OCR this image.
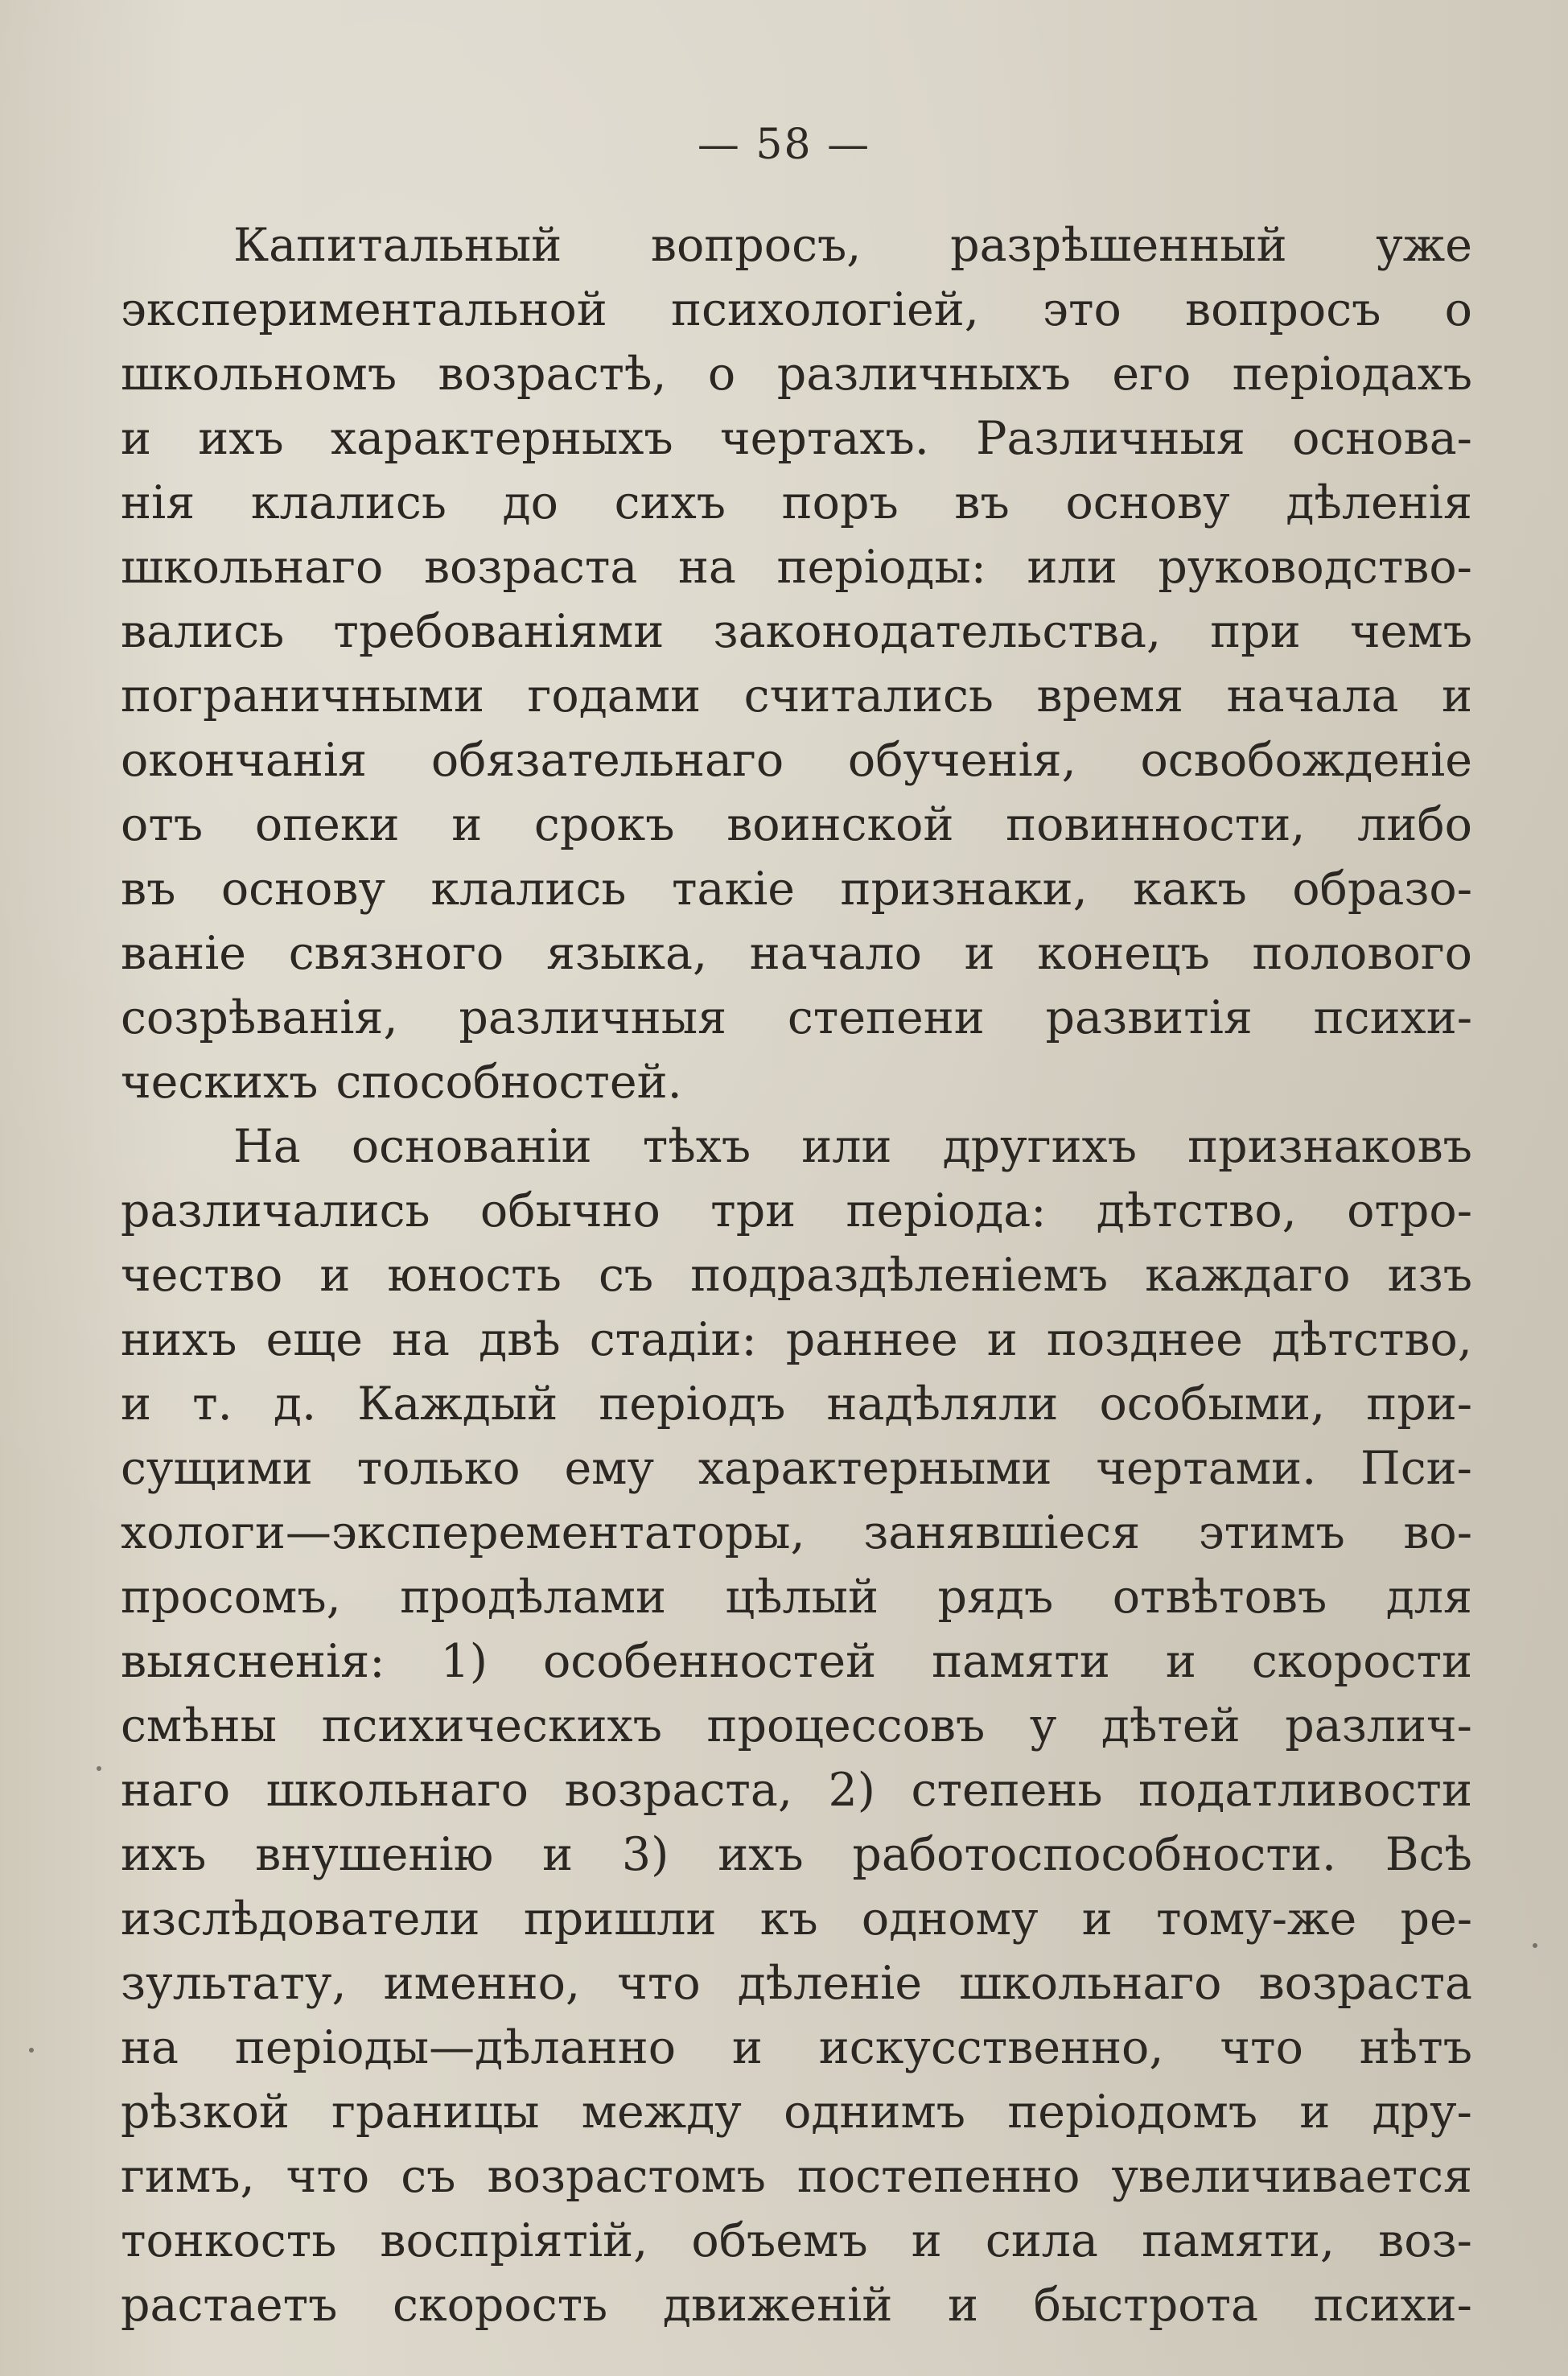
— 58 —
Капитальный вопросъ, разрѣшенный уже
экспериментальной психологіей, это вопросъ о
школьномъ возрастѣ, о различныхъ его періодахъ
и ихъ характерныхъ чертахъ. Различныя основа-
нія клались до сихъ поръ въ основу дѣленія
школьнаго возраста на періоды: или руководство-
вались требованіями законодательства, при чемъ
пограничными годами считались время начала и
окончанія обязательнаго обученія, освобожденіе
отъ опеки и срокъ воинской повинности, либо
въ основу клались такіе признаки, какъ образо-
ваніе связного языка, начало и конецъ полового
созрѣванія, различныя степени развитія психи-
ческихъ способностей.
На основаніи тѣхъ или другихъ признаковъ
различались обычно три періода: дѣтство, отро-
чество и юность съ подраздѣленіемъ каждаго изъ
нихъ еще на двѣ стадіи: раннее и позднее дѣтство,
и т. д. Каждый періодъ надѣляли особыми, при-
сущими только ему характерными чертами. Пси-
хологи—эксперементаторы, занявшіеся этимъ во-
просомъ, продѣлами цѣлый рядъ отвѣтовъ для
выясненія: 1) особенностей памяти и скорости
смѣны психическихъ процессовъ у дѣтей различ-
наго школьнаго возраста, 2) степень податливости
ихъ внушенію и 3) ихъ работоспособности. Всѣ
изслѣдователи пришли къ одному и тому-же ре-
зультату, именно, что дѣленіе школьнаго возраста
на періоды—дѣланно и искусственно, что нѣтъ
рѣзкой границы между однимъ періодомъ и дру-
гимъ, что съ возрастомъ постепенно увеличивается
тонкость воспріятій, объемъ и сила памяти, воз-
растаетъ скорость движеній и быстрота психи-
